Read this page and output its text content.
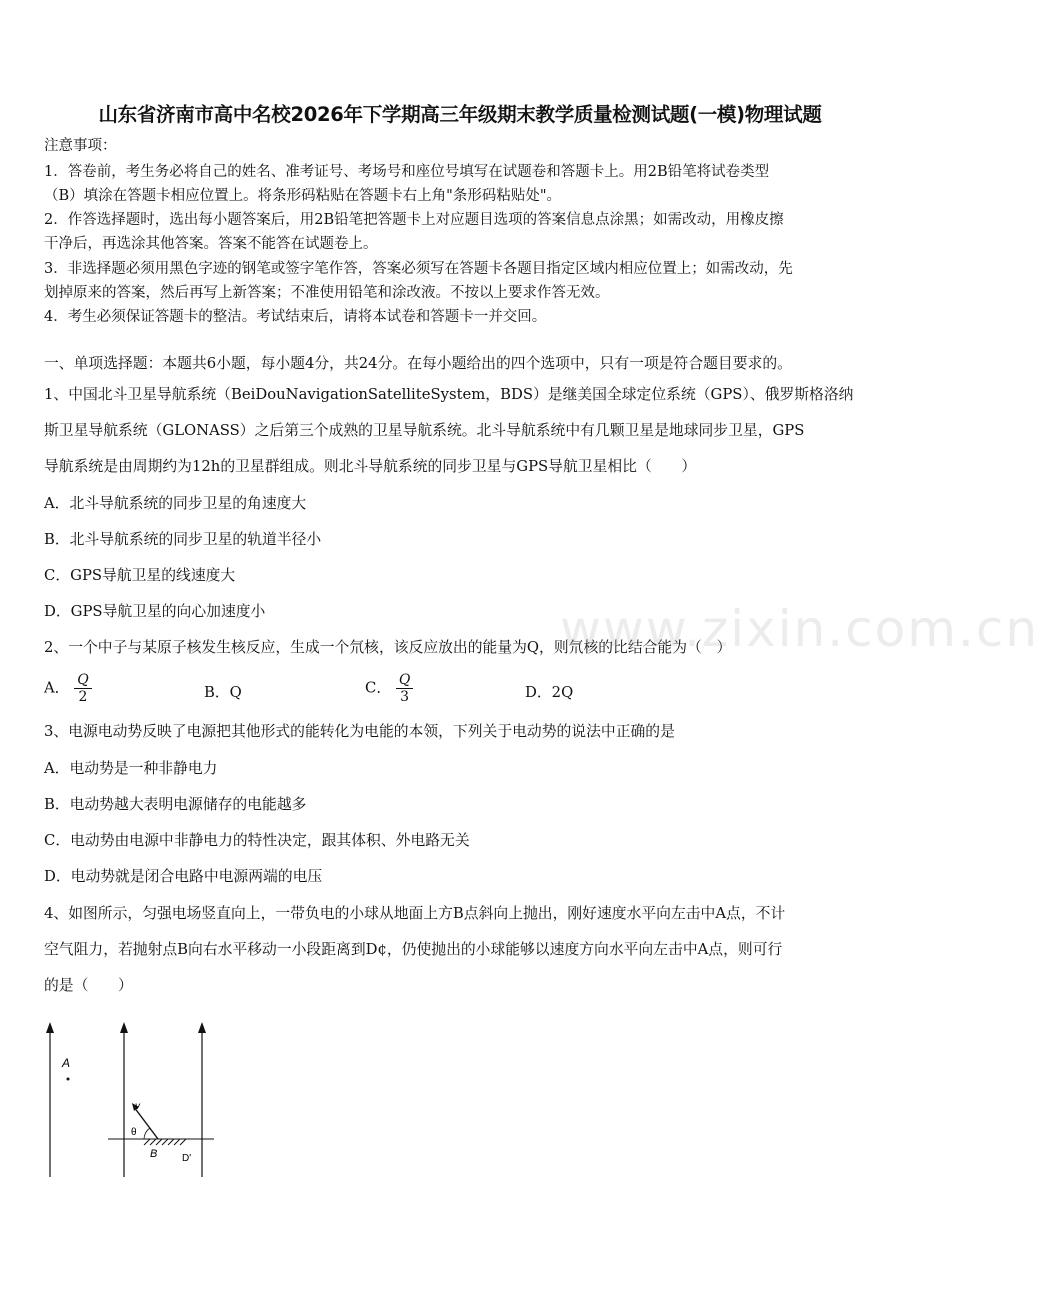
山东省济南市高中名校2026年下学期高三年级期末教学质量检测试题(一模)物理试题
注意事项：
1．答卷前，考生务必将自己的姓名、准考证号、考场号和座位号填写在试题卷和答题卡上。用2B铅笔将试卷类型
（B）填涂在答题卡相应位置上。将条形码粘贴在答题卡右上角"条形码粘贴处"。
2．作答选择题时，选出每小题答案后，用2B铅笔把答题卡上对应题目选项的答案信息点涂黑；如需改动，用橡皮擦
干净后，再选涂其他答案。答案不能答在试题卷上。
3．非选择题必须用黑色字迹的钢笔或签字笔作答，答案必须写在答题卡各题目指定区域内相应位置上；如需改动，先
划掉原来的答案，然后再写上新答案；不准使用铅笔和涂改液。不按以上要求作答无效。
4．考生必须保证答题卡的整洁。考试结束后，请将本试卷和答题卡一并交回。
一、单项选择题：本题共6小题，每小题4分，共24分。在每小题给出的四个选项中，只有一项是符合题目要求的。
1、中国北斗卫星导航系统（BeiDouNavigationSatelliteSystem，BDS）是继美国全球定位系统（GPS）、俄罗斯格洛纳
斯卫星导航系统（GLONASS）之后第三个成熟的卫星导航系统。北斗导航系统中有几颗卫星是地球同步卫星，GPS
导航系统是由周期约为12h的卫星群组成。则北斗导航系统的同步卫星与GPS导航卫星相比（　　）
A．北斗导航系统的同步卫星的角速度大
B．北斗导航系统的同步卫星的轨道半径小
C．GPS导航卫星的线速度大
D．GPS导航卫星的向心加速度小
2、一个中子与某原子核发生核反应，生成一个氘核，该反应放出的能量为Q，则氘核的比结合能为（　）
A． $\frac{Q}{2}$	B．Q	C． $\frac{Q}{3}$	D．2Q
3、电源电动势反映了电源把其他形式的能转化为电能的本领，下列关于电动势的说法中正确的是
A．电动势是一种非静电力
B．电动势越大表明电源储存的电能越多
C．电动势由电源中非静电力的特性决定，跟其体积、外电路无关
D．电动势就是闭合电路中电源两端的电压
4、如图所示，匀强电场竖直向上，一带负电的小球从地面上方B点斜向上抛出，刚好速度水平向左击中A点，不计
空气阻力，若抛射点B向右水平移动一小段距离到D¢，仍使抛出的小球能够以速度方向水平向左击中A点，则可行
的是（　　）
www.zixin.com.cn
A
v
θ
B D'
